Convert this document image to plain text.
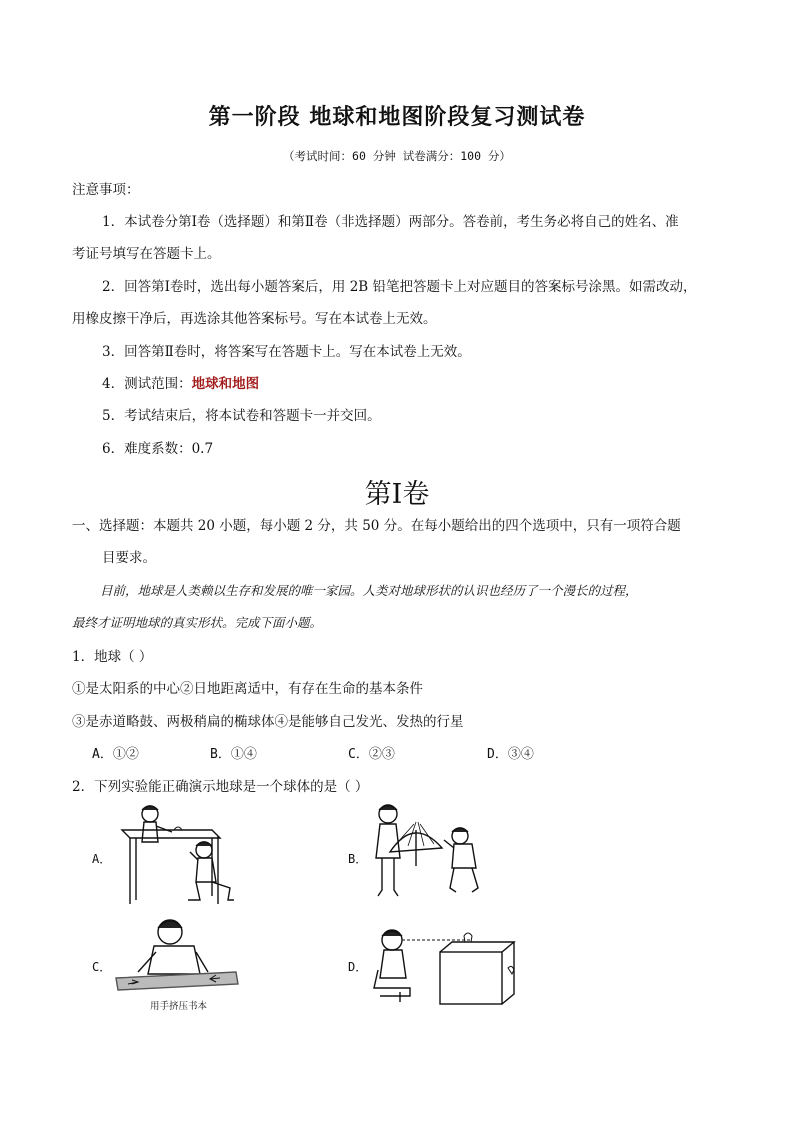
第一阶段 地球和地图阶段复习测试卷
（考试时间：60 分钟 试卷满分：100 分）
注意事项：
1．本试卷分第Ⅰ卷（选择题）和第Ⅱ卷（非选择题）两部分。答卷前，考生务必将自己的姓名、准
考证号填写在答题卡上。
2．回答第Ⅰ卷时，选出每小题答案后，用 2B 铅笔把答题卡上对应题目的答案标号涂黑。如需改动，
用橡皮擦干净后，再选涂其他答案标号。写在本试卷上无效。
3．回答第Ⅱ卷时，将答案写在答题卡上。写在本试卷上无效。
4．测试范围：地球和地图
5．考试结束后，将本试卷和答题卡一并交回。
6．难度系数：0.7
第Ⅰ卷
一、选择题：本题共 20 小题，每小题 2 分，共 50 分。在每小题给出的四个选项中，只有一项符合题
目要求。
目前，地球是人类赖以生存和发展的唯一家园。人类对地球形状的认识也经历了一个漫长的过程，
最终才证明地球的真实形状。完成下面小题。
1．地球（ ）
①是太阳系的中心②日地距离适中，有存在生命的基本条件
③是赤道略鼓、两极稍扁的椭球体④是能够自己发光、发热的行星
A．①②	B．①④	C．②③	D．③④
2．下列实验能正确演示地球是一个球体的是（ ）
A．	B．
C．	D．
用手挤压书本
